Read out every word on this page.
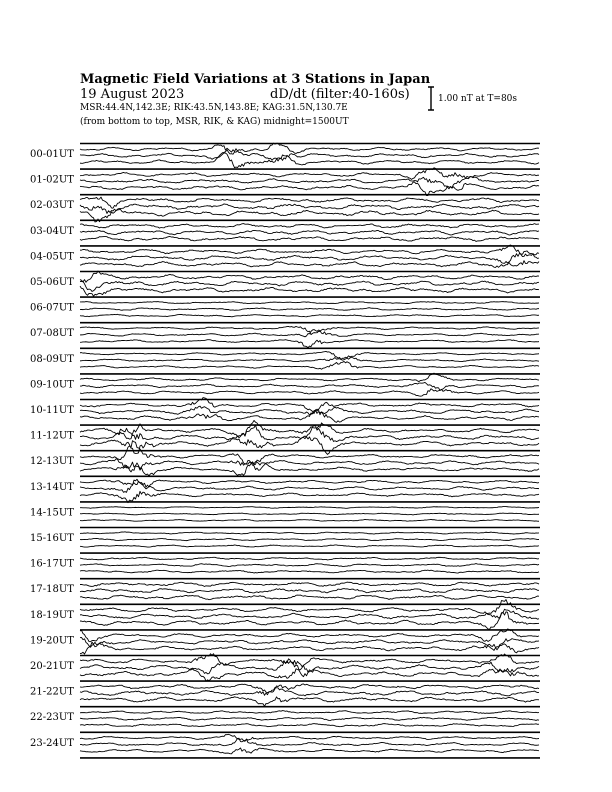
Magnetic Field Variations at 3 Stations in Japan
19 August 2023	dD/dt (filter:40-160s)
MSR:44.4N,142.3E; RIK:43.5N,143.8E; KAG:31.5N,130.7E
(from bottom to top, MSR, RIK, & KAG) midnight=1500UT
1.00 nT at T=80s
00-01UT
01-02UT
02-03UT
03-04UT
04-05UT
05-06UT
06-07UT
07-08UT
08-09UT
09-10UT
10-11UT
11-12UT
12-13UT
13-14UT
14-15UT
15-16UT
16-17UT
17-18UT
18-19UT
19-20UT
20-21UT
21-22UT
22-23UT
23-24UT
